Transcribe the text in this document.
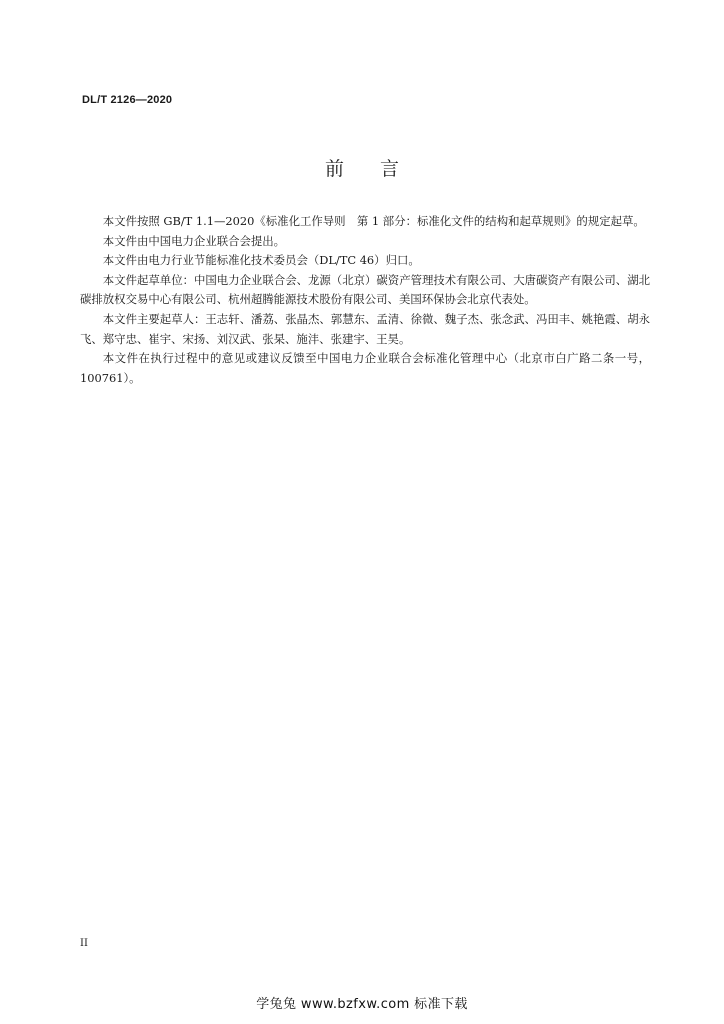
DL/T 2126—2020
前言

本文件按照 GB/T 1.1—2020《标准化工作导则　第 1 部分：标准化文件的结构和起草规则》的规定起草。

本文件由中国电力企业联合会提出。

本文件由电力行业节能标准化技术委员会（DL/TC 46）归口。

本文件起草单位：中国电力企业联合会、龙源（北京）碳资产管理技术有限公司、大唐碳资产有限公司、湖北碳排放权交易中心有限公司、杭州超腾能源技术股份有限公司、美国环保协会北京代表处。

本文件主要起草人：王志轩、潘荔、张晶杰、郭慧东、孟清、徐微、魏子杰、张念武、冯田丰、姚艳霞、胡永飞、郑守忠、崔宇、宋扬、刘汉武、张杲、施沣、张建宇、王昊。

本文件在执行过程中的意见或建议反馈至中国电力企业联合会标准化管理中心（北京市白广路二条一号，100761）。

II
学兔兔 www.bzfxw.com 标准下载
